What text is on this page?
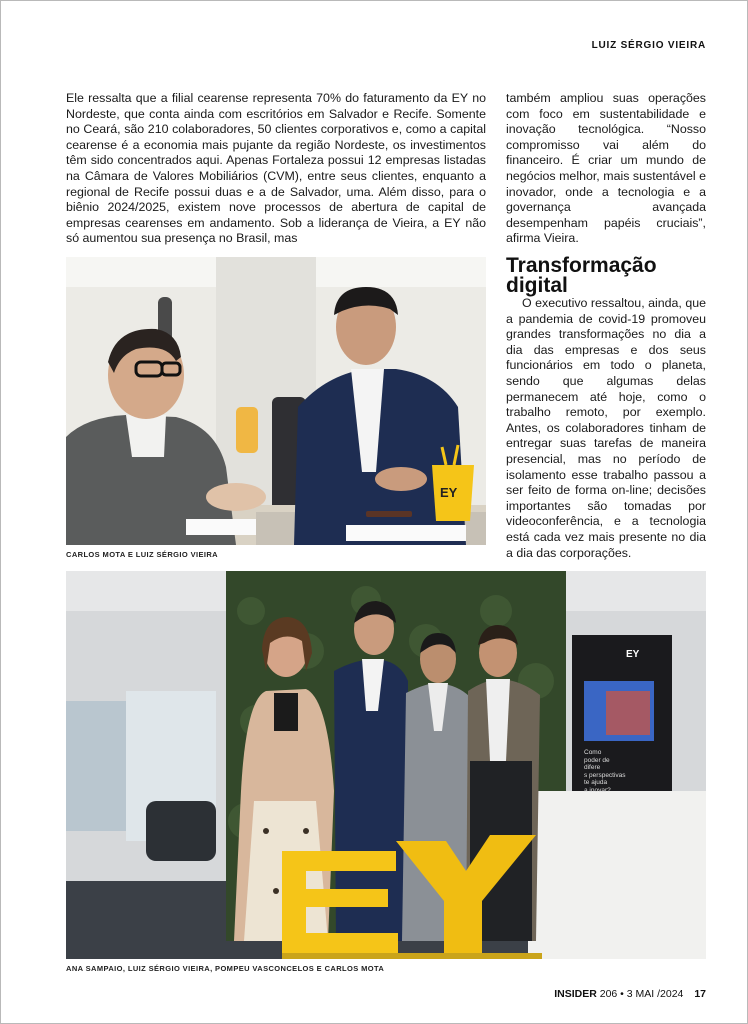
LUIZ SÉRGIO VIEIRA

Ele ressalta que a filial cearense representa 70% do faturamento da EY no Nordeste, que conta ainda com escritórios em Salvador e Recife. Somente no Ceará, são 210 colaboradores, 50 clientes corporativos e, como a capital cearense é a economia mais pujante da região Nordeste, os investimentos têm sido concentrados aqui. Apenas Fortaleza possui 12 empresas listadas na Câmara de Valores Mobiliários (CVM), entre seus clientes, enquanto a regional de Recife possui duas e a de Salvador, uma. Além disso, para o biênio 2024/2025, existem nove processos de abertura de capital de empresas cearenses em andamento. Sob a liderança de Vieira, a EY não só aumentou sua presença no Brasil, mas

também ampliou suas operações com foco em sustentabilidade e inovação tecnológica. “Nosso compromisso vai além do financeiro. É criar um mundo de negócios melhor, mais sustentável e inovador, onde a tecnologia e a governança avançada desempenham papéis cruciais”, afirma Vieira.

Transformação digital

O executivo ressaltou, ainda, que a pandemia de covid-19 promoveu grandes transformações no dia a dia das empresas e dos seus funcionários em todo o planeta, sendo que algumas delas permanecem até hoje, como o trabalho remoto, por exemplo. Antes, os colaboradores tinham de entregar suas tarefas de maneira presencial, mas no período de isolamento esse trabalho passou a ser feito de forma on-line; decisões importantes são tomadas por videoconferência, e a tecnologia está cada vez mais presente no dia a dia das corporações.

EY
CARLOS MOTA E LUIZ SÉRGIO VIEIRA
EY
Como
poder de
difere
s perspectivas
te ajuda
a inovar?
ANA SAMPAIO, LUIZ SÉRGIO VIEIRA, POMPEU VASCONCELOS E CARLOS MOTA
INSIDER 206 • 3 MAI /2024 17
